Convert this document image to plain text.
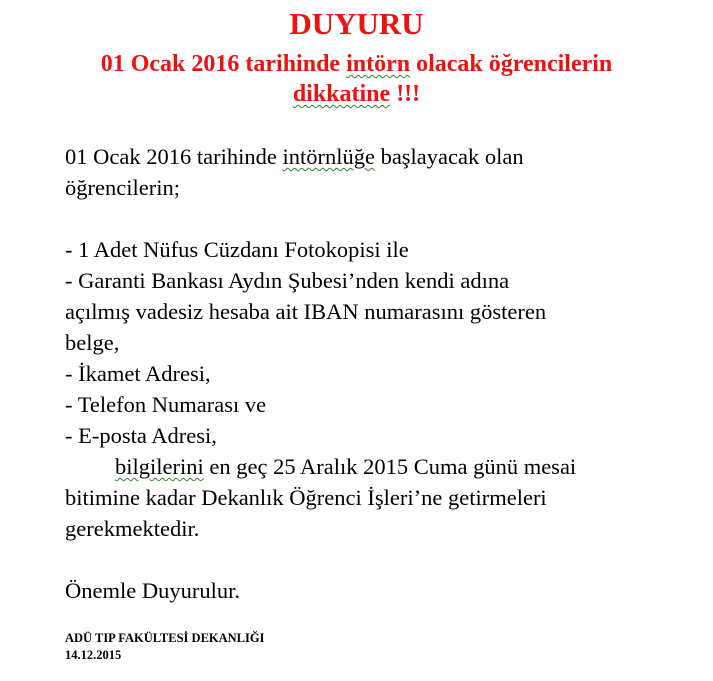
DUYURU
01 Ocak 2016 tarihinde intörn olacak öğrencilerin
dikkatine !!!
01 Ocak 2016 tarihinde intörnlüğe başlayacak olan
öğrencilerin;
- 1 Adet Nüfus Cüzdanı Fotokopisi ile
- Garanti Bankası Aydın Şubesi’nden kendi adına
açılmış vadesiz hesaba ait IBAN numarasını gösteren
belge,
- İkamet Adresi,
- Telefon Numarası ve
- E-posta Adresi,
bilgilerini en geç 25 Aralık 2015 Cuma günü mesai
bitimine kadar Dekanlık Öğrenci İşleri’ne getirmeleri
gerekmektedir.
Önemle Duyurulur.
ADÜ TIP FAKÜLTESİ DEKANLIĞI
14.12.2015
